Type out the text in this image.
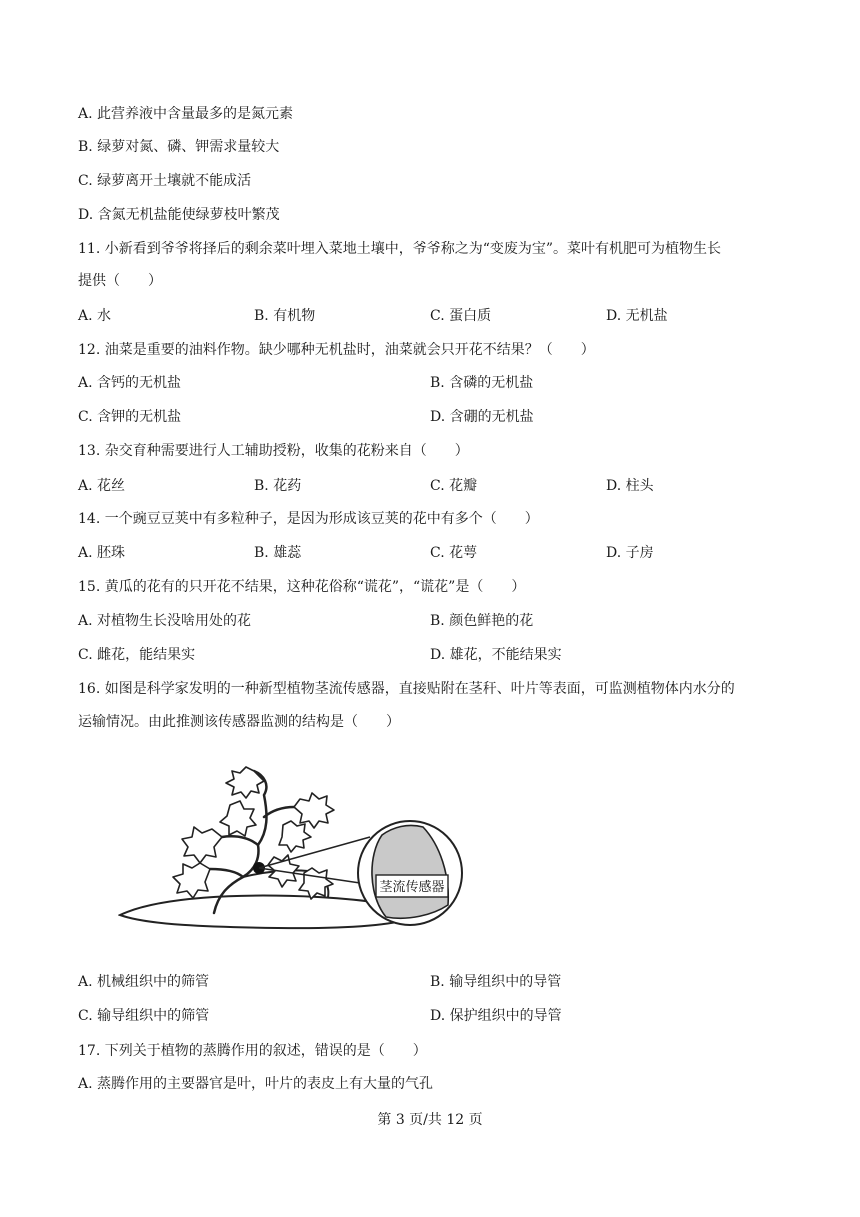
A. 此营养液中含量最多的是氮元素
B. 绿萝对氮、磷、钾需求量较大
C. 绿萝离开土壤就不能成活
D. 含氮无机盐能使绿萝枝叶繁茂
11. 小新看到爷爷将择后的剩余菜叶埋入菜地土壤中，爷爷称之为“变废为宝”。菜叶有机肥可为植物生长
提供（　　）
A. 水	B. 有机物	C. 蛋白质	D. 无机盐
12. 油菜是重要的油料作物。缺少哪种无机盐时，油菜就会只开花不结果？（　　）
A. 含钙的无机盐	B. 含磷的无机盐
C. 含钾的无机盐	D. 含硼的无机盐
13. 杂交育种需要进行人工辅助授粉，收集的花粉来自（　　）
A. 花丝	B. 花药	C. 花瓣	D. 柱头
14. 一个豌豆豆荚中有多粒种子，是因为形成该豆荚的花中有多个（　　）
A. 胚珠	B. 雄蕊	C. 花萼	D. 子房
15. 黄瓜的花有的只开花不结果，这种花俗称“谎花”，“谎花”是（　　）
A. 对植物生长没啥用处的花	B. 颜色鲜艳的花
C. 雌花，能结果实	D. 雄花，不能结果实
16. 如图是科学家发明的一种新型植物茎流传感器，直接贴附在茎秆、叶片等表面，可监测植物体内水分的
运输情况。由此推测该传感器监测的结构是（　　）
茎流传感器
A. 机械组织中的筛管	B. 输导组织中的导管
C. 输导组织中的筛管	D. 保护组织中的导管
17. 下列关于植物的蒸腾作用的叙述，错误的是（　　）
A. 蒸腾作用的主要器官是叶，叶片的表皮上有大量的气孔
第 3 页/共 12 页
